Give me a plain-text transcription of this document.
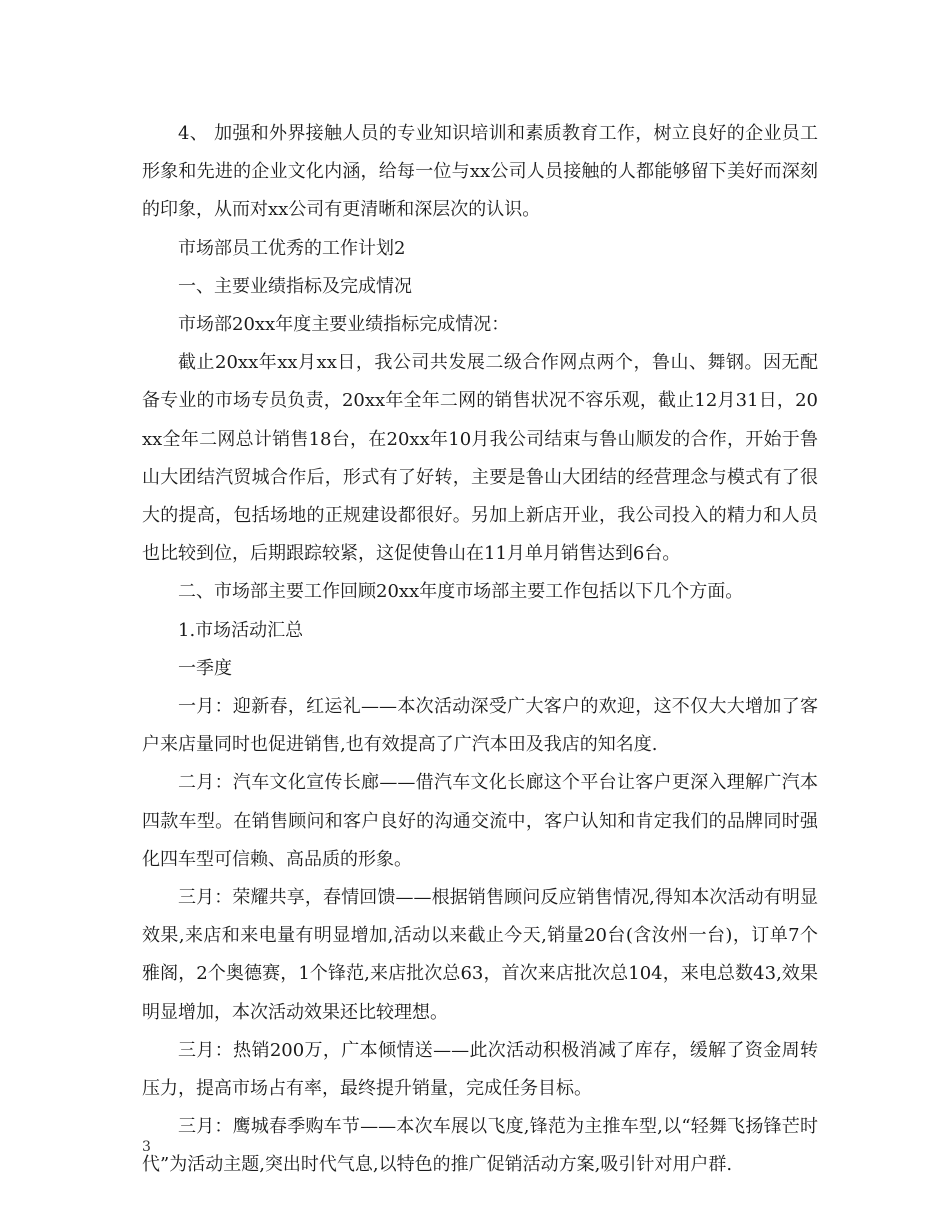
4、 加强和外界接触人员的专业知识培训和素质教育工作，树立良好的企业员工形象和先进的企业文化内涵，给每一位与xx公司人员接触的人都能够留下美好而深刻的印象，从而对xx公司有更清晰和深层次的认识。

市场部员工优秀的工作计划2

一、主要业绩指标及完成情况

市场部20xx年度主要业绩指标完成情况：

截止20xx年xx月xx日，我公司共发展二级合作网点两个，鲁山、舞钢。因无配备专业的市场专员负责，20xx年全年二网的销售状况不容乐观，截止12月31日，20xx全年二网总计销售18台，在20xx年10月我公司结束与鲁山顺发的合作，开始于鲁山大团结汽贸城合作后，形式有了好转，主要是鲁山大团结的经营理念与模式有了很大的提高，包括场地的正规建设都很好。另加上新店开业，我公司投入的精力和人员也比较到位，后期跟踪较紧，这促使鲁山在11月单月销售达到6台。

二、市场部主要工作回顾20xx年度市场部主要工作包括以下几个方面。

1.市场活动汇总

一季度

一月：迎新春，红运礼——本次活动深受广大客户的欢迎，这不仅大大增加了客户来店量同时也促进销售,也有效提高了广汽本田及我店的知名度.

二月：汽车文化宣传长廊——借汽车文化长廊这个平台让客户更深入理解广汽本四款车型。在销售顾问和客户良好的沟通交流中，客户认知和肯定我们的品牌同时强化四车型可信赖、高品质的形象。

三月：荣耀共享，春情回馈——根据销售顾问反应销售情况,得知本次活动有明显效果,来店和来电量有明显增加,活动以来截止今天,销量20台(含汝州一台)，订单7个雅阁，2个奥德赛，1个锋范,来店批次总63，首次来店批次总104，来电总数43,效果明显增加，本次活动效果还比较理想。

三月：热销200万，广本倾情送——此次活动积极消减了库存，缓解了资金周转压力，提高市场占有率，最终提升销量，完成任务目标。

三月：鹰城春季购车节——本次车展以飞度,锋范为主推车型,以“轻舞飞扬锋芒时代”为活动主题,突出时代气息,以特色的推广促销活动方案,吸引针对用户群.

3
